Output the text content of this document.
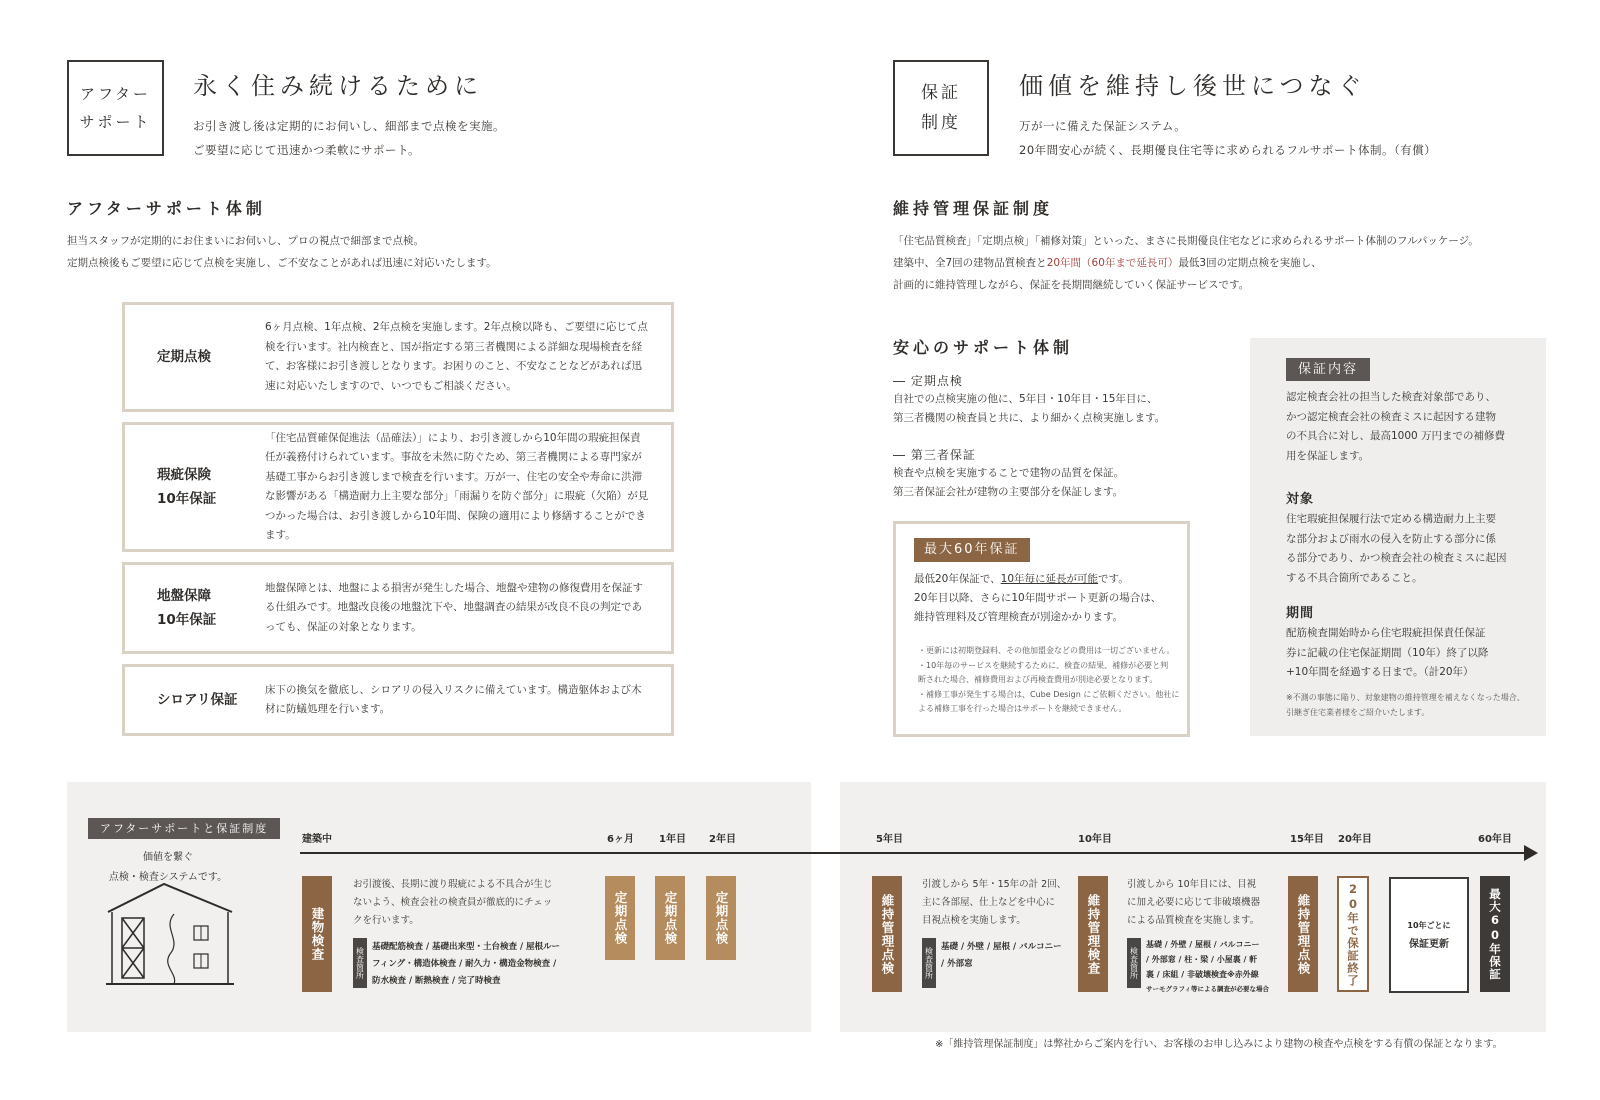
アフター
サポート
永く住み続けるために
お引き渡し後は定期的にお伺いし、細部まで点検を実施。
ご要望に応じて迅速かつ柔軟にサポート。
アフターサポート体制
担当スタッフが定期的にお住まいにお伺いし、プロの視点で細部まで点検。
定期点検後もご要望に応じて点検を実施し、ご不安なことがあれば迅速に対応いたします。
定期点検
6ヶ月点検、1年点検、2年点検を実施します。2年点検以降も、ご要望に応じて点検を行います。社内検査と、国が指定する第三者機関による詳細な現場検査を経て、お客様にお引き渡しとなります。お困りのこと、不安なことなどがあれば迅速に対応いたしますので、いつでもご相談ください。
瑕疵保険
10年保証
「住宅品質確保促進法（品確法）」により、お引き渡しから10年間の瑕疵担保責任が義務付けられています。事故を未然に防ぐため、第三者機関による専門家が基礎工事からお引き渡しまで検査を行います。万が一、住宅の安全や寿命に洪滞な影響がある「構造耐力上主要な部分」「雨漏りを防ぐ部分」に瑕疵（欠陥）が見つかった場合は、お引き渡しから10年間、保険の適用により修繕することができます。
地盤保障
10年保証
地盤保障とは、地盤による損害が発生した場合、地盤や建物の修復費用を保証する仕組みです。地盤改良後の地盤沈下や、地盤調査の結果が改良不良の判定であっても、保証の対象となります。
シロアリ保証
床下の換気を徹底し、シロアリの侵入リスクに備えています。構造躯体および木材に防蟻処理を行います。
保証
制度
価値を維持し後世につなぐ
万が一に備えた保証システム。
20年間安心が続く、長期優良住宅等に求められるフルサポート体制。（有償）
維持管理保証制度
「住宅品質検査」「定期点検」「補修対策」といった、まさに長期優良住宅などに求められるサポート体制のフルパッケージ。
建築中、全7回の建物品質検査と20年間（60年まで延長可）最低3回の定期点検を実施し、
計画的に維持管理しながら、保証を長期間継続していく保証サービスです。
安心のサポート体制
― 定期点検
自社での点検実施の他に、5年目・10年目・15年目に、
第三者機関の検査員と共に、より細かく点検実施します。
― 第三者保証
検査や点検を実施することで建物の品質を保証。
第三者保証会社が建物の主要部分を保証します。
最大60年保証
最低20年保証で、10年毎に延長が可能です。
20年目以降、さらに10年間サポート更新の場合は、
維持管理料及び管理検査が別途かかります。
・更新には初期登録料、その他加盟金などの費用は一切ございません。
・10年毎のサービスを継続するために、検査の結果、補修が必要と判
断された場合、補修費用および再検査費用が別途必要となります。
・補修工事が発生する場合は、Cube Design にご依頼ください。他社に
よる補修工事を行った場合はサポートを継続できません。
保証内容
認定検査会社の担当した検査対象部であり、
かつ認定検査会社の検査ミスに起因する建物
の不具合に対し、最高1000 万円までの補修費
用を保証します。
対象
住宅瑕疵担保履行法で定める構造耐力上主要
な部分および雨水の侵入を防止する部分に係
る部分であり、かつ検査会社の検査ミスに起因
する不具合箇所であること。
期間
配筋検査開始時から住宅瑕疵担保責任保証
券に記載の住宅保証期間（10年）終了以降
+10年間を経過する日まで。（計20年）
※不測の事態に陥り、対象建物の維持管理を補えなくなった場合、
引継ぎ住宅業者様をご紹介いたします。
アフターサポートと保証制度
価値を繋ぐ
点検・検査システムです。
建築中	6ヶ月	1年目 2年目	5年目	10年目	15年目 20年目	60年目
建物検査
お引渡後、長期に渡り瑕疵による不具合が生じ
ないよう、検査会社の検査員が徹底的にチェッ
クを行います。
検査箇所 基礎配筋検査 / 基礎出来型・土台検査 / 屋根ルー
フィング・構造体検査 / 耐久力・構造金物検査 /
防水検査 / 断熱検査 / 完了時検査
定期点検	定期点検	定期点検	維持管理点検
引渡しから 5年・15年の計 2回、
主に各部屋、仕上などを中心に
目視点検を実施します。
検査箇所 基礎 / 外壁 / 屋根 / バルコニー
/ 外部窓	維持管理検査
引渡しから 10年目には、目視
に加え必要に応じて非破壊機器
による品質検査を実施します。
検査箇所
基礎 / 外壁 / 屋根 / バルコニー
/ 外部窓 / 柱・梁 / 小屋裏 / 軒
裏 / 床組 / 非破壊検査※赤外線
サーモグラフィ等による調査が必要な場合
維持管理点検	20年で保証終了	10年ごとに
保証更新	最大60年保証
※「維持管理保証制度」は弊社からご案内を行い、お客様のお申し込みにより建物の検査や点検をする有償の保証となります。
